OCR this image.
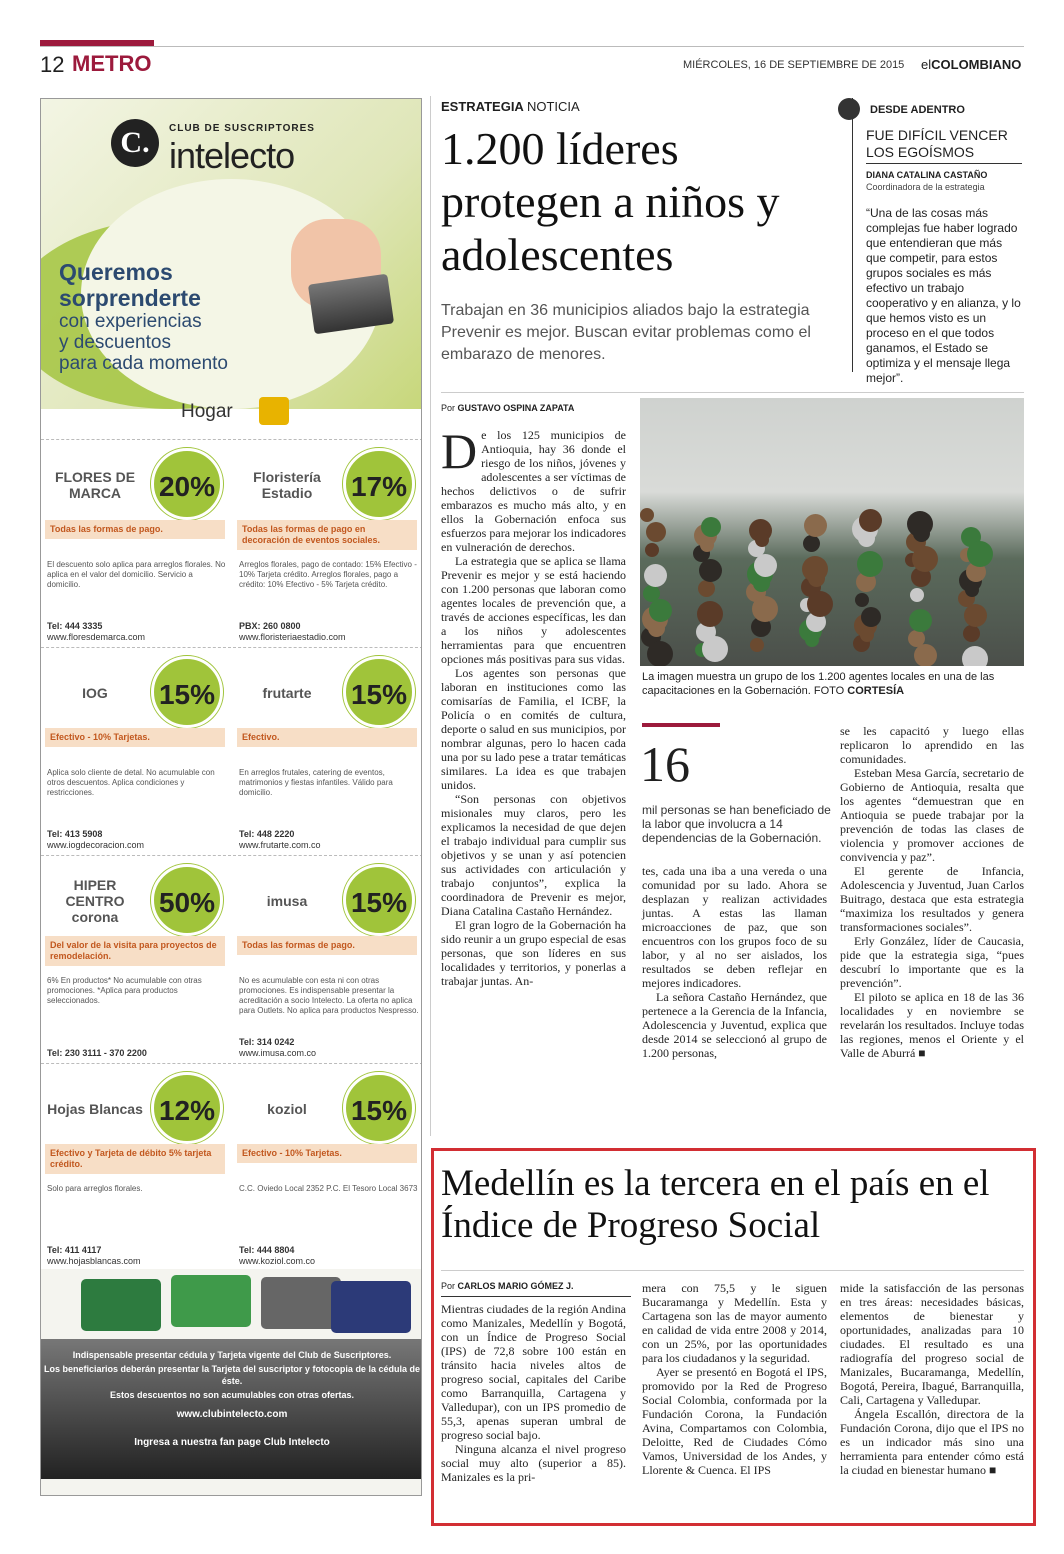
12 METRO	MIÉRCOLES, 16 DE SEPTIEMBRE DE 2015 elCOLOMBIANO
C.	CLUB DE SUSCRIPTORES
intelecto
Queremos
sorprenderte
con experiencias
y descuentos
para cada momento
Hogar

Indispensable presentar cédula y Tarjeta vigente del Club de Suscriptores.

Los beneficiarios deberán presentar la Tarjeta del suscriptor y fotocopia de la cédula de éste.

Estos descuentos no son acumulables con otras ofertas.

www.clubintelecto.com

Ingresa a nuestra fan page Club Intelecto

FLORES DE MARCA	20%
Todas las formas de pago.
El descuento solo aplica para arreglos florales. No aplica en el valor del domicilio. Servicio a domicilio.
Tel: 444 3335
www.floresdemarca.com
Floristería Estadio	17%
Todas las formas de pago en decoración de eventos sociales.
Arreglos florales, pago de contado: 15% Efectivo - 10% Tarjeta crédito. Arreglos florales, pago a crédito: 10% Efectivo - 5% Tarjeta crédito.
PBX: 260 0800
www.floristeriaestadio.com
IOG	15%
Efectivo - 10% Tarjetas.
Aplica solo cliente de detal. No acumulable con otros descuentos. Aplica condiciones y restricciones.
Tel: 413 5908
www.iogdecoracion.com
frutarte	15%
Efectivo.
En arreglos frutales, catering de eventos, matrimonios y fiestas infantiles. Válido para domicilio.
Tel: 448 2220
www.frutarte.com.co
HIPER CENTRO corona	50%
Del valor de la visita para proyectos de remodelación.
6% En productos* No acumulable con otras promociones. *Aplica para productos seleccionados.
Tel: 230 3111 - 370 2200
imusa	15%
Todas las formas de pago.
No es acumulable con esta ni con otras promociones. Es indispensable presentar la acreditación a socio Intelecto. La oferta no aplica para Outlets. No aplica para productos Nespresso.
Tel: 314 0242
www.imusa.com.co
Hojas Blancas 12%
Efectivo y Tarjeta de débito 5% tarjeta crédito.
Solo para arreglos florales.
Tel: 411 4117
www.hojasblancas.com
koziol	15%
Efectivo - 10% Tarjetas.
C.C. Oviedo Local 2352 P.C. El Tesoro Local 3673
Tel: 444 8804
www.koziol.com.co
ESTRATEGIA NOTICIA
1.200 líderes protegen a niños y adolescentes
Trabajan en 36 municipios aliados bajo la estrategia Prevenir es mejor. Buscan evitar problemas como el embarazo de menores.
DESDE ADENTRO
FUE DIFÍCIL VENCER LOS EGOÍSMOS
DIANA CATALINA CASTAÑO
Coordinadora de la estrategia
“Una de las cosas más complejas fue haber logrado que entendieran que más que competir, para estos grupos sociales es más efectivo un trabajo cooperativo y en alianza, y lo que hemos visto es un proceso en el que todos ganamos, el Estado se optimiza y el mensaje llega mejor”.
Por GUSTAVO OSPINA ZAPATA
La imagen muestra un grupo de los 1.200 agentes locales en una de las capacitaciones en la Gobernación. FOTO CORTESÍA

De los 125 municipios de Antioquia, hay 36 donde el riesgo de los niños, jóvenes y adolescentes a ser víctimas de hechos delictivos o de sufrir embarazos es mucho más alto, y en ellos la Gobernación enfoca sus esfuerzos para mejorar los indicadores en vulneración de derechos.

La estrategia que se aplica se llama Prevenir es mejor y se está haciendo con 1.200 personas que laboran como agentes locales de prevención que, a través de acciones específicas, les dan a los niños y adolescentes herramientas para que encuentren opciones más positivas para sus vidas.

Los agentes son personas que laboran en instituciones como las comisarías de Familia, el ICBF, la Policía o en comités de cultura, deporte o salud en sus municipios, por nombrar algunas, pero lo hacen cada una por su lado pese a tratar temáticas similares. La idea es que trabajen unidos.

“Son personas con objetivos misionales muy claros, pero les explicamos la necesidad de que dejen el trabajo individual para cumplir sus objetivos y se unan y así potencien sus actividades con articulación y trabajo conjuntos”, explica la coordinadora de Prevenir es mejor, Diana Catalina Castaño Hernández.

El gran logro de la Gobernación ha sido reunir a un grupo especial de esas personas, que son líderes en sus localidades y territorios, y ponerlas a trabajar juntas. An-

16
mil personas se han beneficiado de la labor que involucra a 14 dependencias de la Gobernación.

tes, cada una iba a una vereda o una comunidad por su lado. Ahora se desplazan y realizan actividades juntas. A estas las llaman microacciones de paz, que son encuentros con los grupos foco de su labor, y al no ser aislados, los resultados se deben reflejar en mejores indicadores.

La señora Castaño Hernández, que pertenece a la Gerencia de la Infancia, Adolescencia y Juventud, explica que desde 2014 se seleccionó al grupo de 1.200 personas,

se les capacitó y luego ellas replicaron lo aprendido en las comunidades.

Esteban Mesa García, secretario de Gobierno de Antioquia, resalta que los agentes “demuestran que en Antioquia se puede trabajar por la prevención de todas las clases de violencia y promover acciones de convivencia y paz”.

El gerente de Infancia, Adolescencia y Juventud, Juan Carlos Buitrago, destaca que esta estrategia “maximiza los resultados y genera transformaciones sociales”.

Erly González, líder de Caucasia, pide que la estrategia siga, “pues descubrí lo importante que es la prevención”.

El piloto se aplica en 18 de las 36 localidades y en noviembre se revelarán los resultados. Incluye todas las regiones, menos el Oriente y el Valle de Aburrá ■

Medellín es la tercera en el país en el Índice de Progreso Social
Por CARLOS MARIO GÓMEZ J.

Mientras ciudades de la región Andina como Manizales, Medellín y Bogotá, con un Índice de Progreso Social (IPS) de 72,8 sobre 100 están en tránsito hacia niveles altos de progreso social, capitales del Caribe como Barranquilla, Cartagena y Valledupar), con un IPS promedio de 55,3, apenas superan umbral de progreso social bajo.

Ninguna alcanza el nivel progreso social muy alto (superior a 85). Manizales es la pri-

mera con 75,5 y le siguen Bucaramanga y Medellín. Esta y Cartagena son las de mayor aumento en calidad de vida entre 2008 y 2014, con un 25%, por las oportunidades para los ciudadanos y la seguridad.

Ayer se presentó en Bogotá el IPS, promovido por la Red de Progreso Social Colombia, conformada por la Fundación Corona, la Fundación Avina, Compartamos con Colombia, Deloitte, Red de Ciudades Cómo Vamos, Universidad de los Andes, y Llorente & Cuenca. El IPS

mide la satisfacción de las personas en tres áreas: necesidades básicas, elementos de bienestar y oportunidades, analizadas para 10 ciudades. El resultado es una radiografía del progreso social de Manizales, Bucaramanga, Medellín, Bogotá, Pereira, Ibagué, Barranquilla, Cali, Cartagena y Valledupar.

Ángela Escallón, directora de la Fundación Corona, dijo que el IPS no es un indicador más sino una herramienta para entender cómo está la ciudad en bienestar humano ■
